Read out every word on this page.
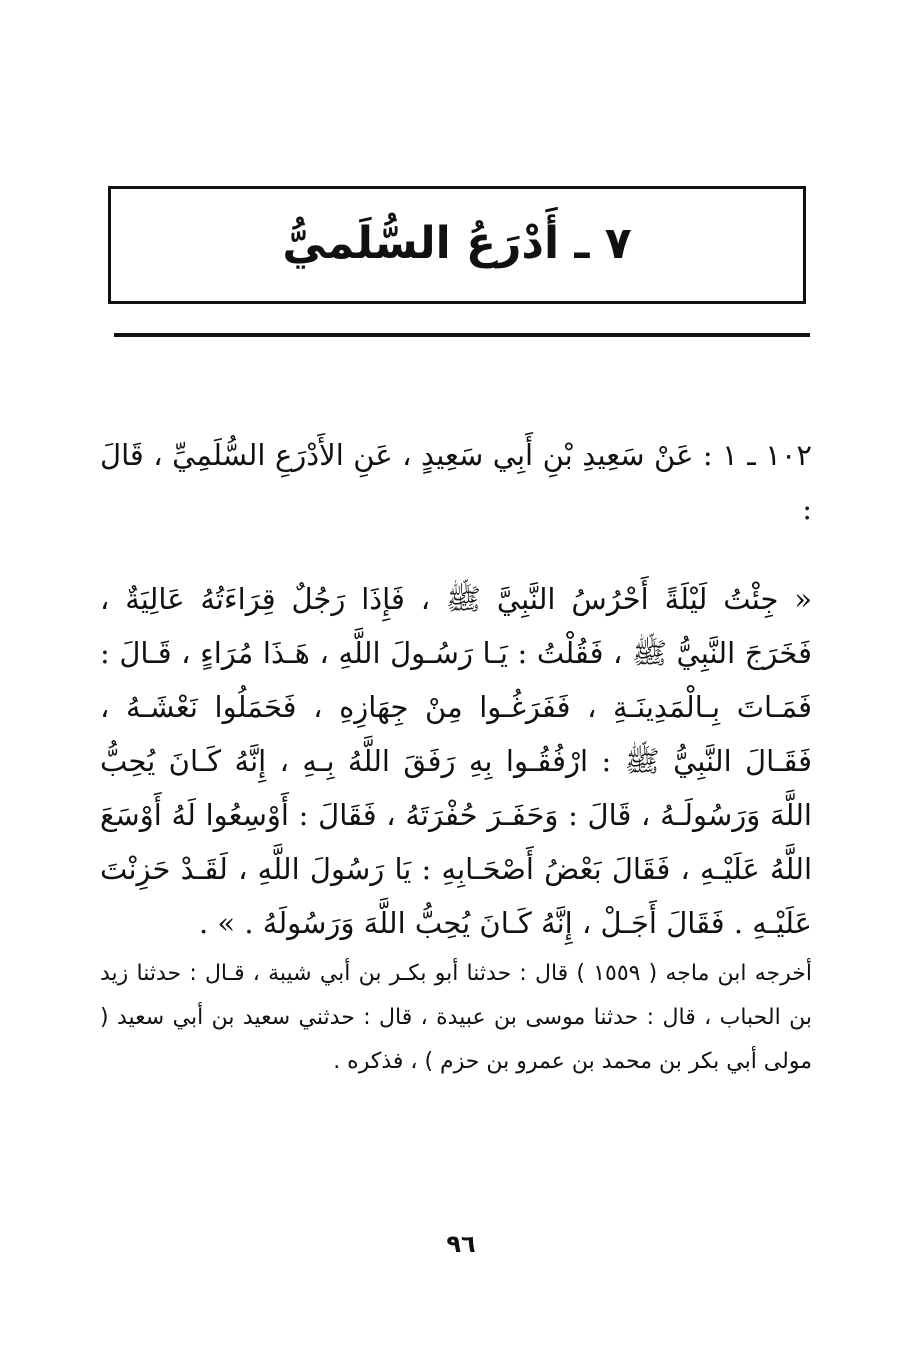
٧ ـ أَدْرَعُ السُّلَميُّ

١٠٢ ـ ١ : عَنْ سَعِيدِ بْنِ أَبِي سَعِيدٍ ، عَنِ الأَدْرَعِ السُّلَمِيِّ ، قَالَ :

« جِئْتُ لَيْلَةً أَحْرُسُ النَّبِيَّ ﷺ ، فَإِذَا رَجُلٌ قِرَاءَتُهُ عَالِيَةٌ ، فَخَرَجَ النَّبِيُّ ﷺ ، فَقُلْتُ : يَـا رَسُـولَ اللَّهِ ، هَـذَا مُرَاءٍ ، قَـالَ : فَمَـاتَ بِـالْمَدِينَـةِ ، فَفَرَغُـوا مِنْ جِهَازِهِ ، فَحَمَلُوا نَعْشَـهُ ، فَقَـالَ النَّبِيُّ ﷺ : ارْفُقُـوا بِهِ رَفَقَ اللَّهُ بِـهِ ، إِنَّهُ كَـانَ يُحِبُّ اللَّهَ وَرَسُولَـهُ ، قَالَ : وَحَفَـرَ حُفْرَتَهُ ، فَقَالَ : أَوْسِعُوا لَهُ أَوْسَعَ اللَّهُ عَلَيْـهِ ، فَقَالَ بَعْضُ أَصْحَـابِهِ : يَا رَسُولَ اللَّهِ ، لَقَـدْ حَزِنْتَ عَلَيْـهِ . فَقَالَ أَجَـلْ ، إِنَّهُ كَـانَ يُحِبُّ اللَّهَ وَرَسُولَهُ . » .

أخرجه ابن ماجه ( ١٥٥٩ ) قال : حدثنا أبو بكـر بن أبي شيبة ، قـال : حدثنا زيد بن الحباب ، قال : حدثنا موسى بن عبيدة ، قال : حدثني سعيد بن أبي سعيد ( مولى أبي بكر بن محمد بن عمرو بن حزم ) ، فذكره .

٩٦
